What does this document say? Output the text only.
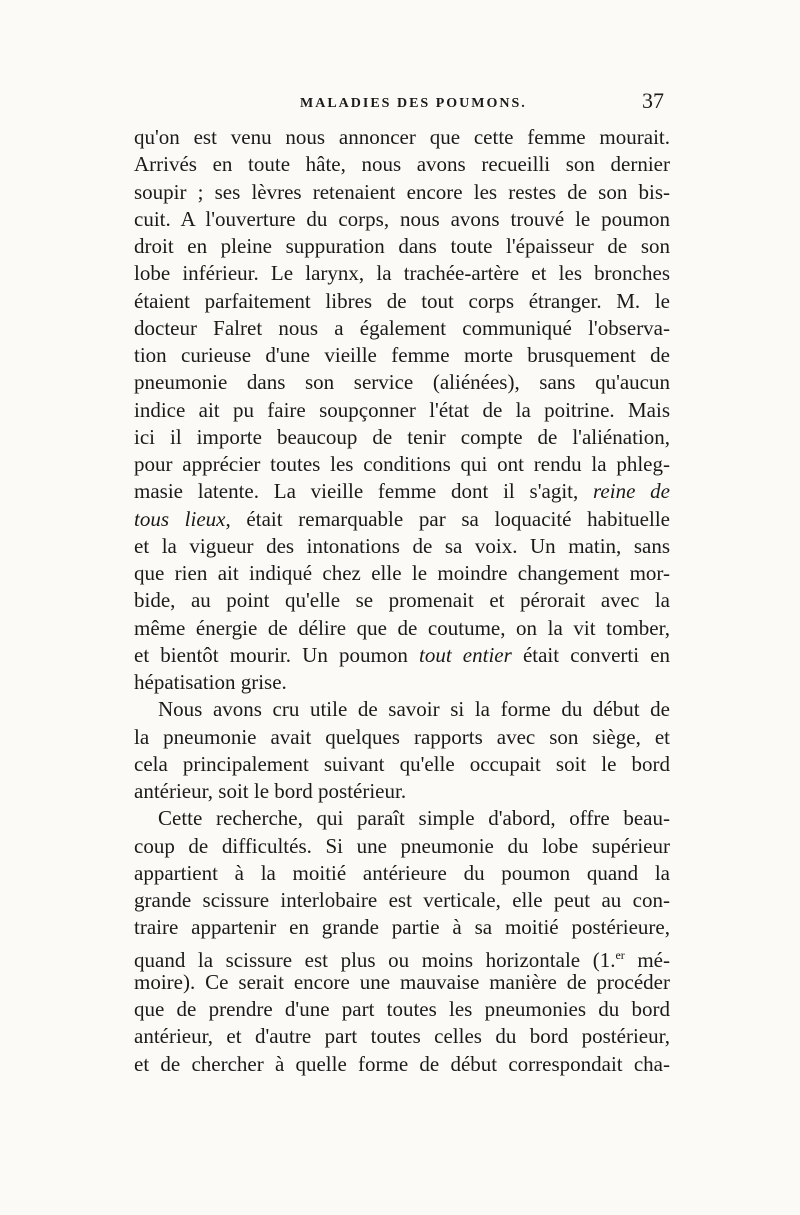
MALADIES DES POUMONS.	37
qu'on est venu nous annoncer que cette femme mourait.
Arrivés en toute hâte, nous avons recueilli son dernier
soupir ; ses lèvres retenaient encore les restes de son bis-
cuit. A l'ouverture du corps, nous avons trouvé le poumon
droit en pleine suppuration dans toute l'épaisseur de son
lobe inférieur. Le larynx, la trachée-artère et les bronches
étaient parfaitement libres de tout corps étranger. M. le
docteur Falret nous a également communiqué l'observa-
tion curieuse d'une vieille femme morte brusquement de
pneumonie dans son service (aliénées), sans qu'aucun
indice ait pu faire soupçonner l'état de la poitrine. Mais
ici il importe beaucoup de tenir compte de l'aliénation,
pour apprécier toutes les conditions qui ont rendu la phleg-
masie latente. La vieille femme dont il s'agit, reine de
tous lieux, était remarquable par sa loquacité habituelle
et la vigueur des intonations de sa voix. Un matin, sans
que rien ait indiqué chez elle le moindre changement mor-
bide, au point qu'elle se promenait et pérorait avec la
même énergie de délire que de coutume, on la vit tomber,
et bientôt mourir. Un poumon tout entier était converti en
hépatisation grise.
Nous avons cru utile de savoir si la forme du début de
la pneumonie avait quelques rapports avec son siège, et
cela principalement suivant qu'elle occupait soit le bord
antérieur, soit le bord postérieur.
Cette recherche, qui paraît simple d'abord, offre beau-
coup de difficultés. Si une pneumonie du lobe supérieur
appartient à la moitié antérieure du poumon quand la
grande scissure interlobaire est verticale, elle peut au con-
traire appartenir en grande partie à sa moitié postérieure,
quand la scissure est plus ou moins horizontale (1.$^{er}$ mé-
moire). Ce serait encore une mauvaise manière de procéder
que de prendre d'une part toutes les pneumonies du bord
antérieur, et d'autre part toutes celles du bord postérieur,
et de chercher à quelle forme de début correspondait cha-
